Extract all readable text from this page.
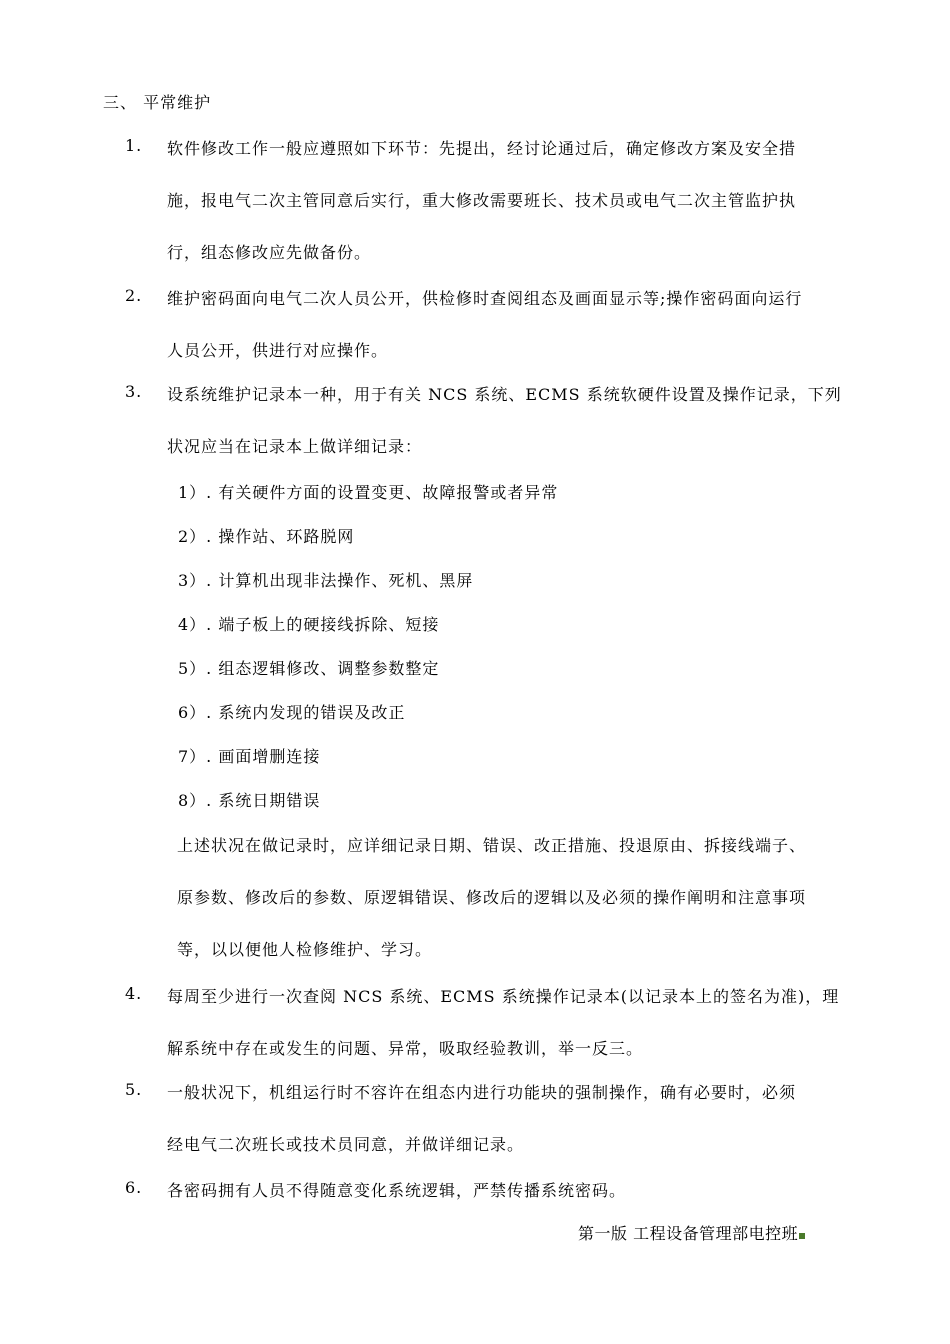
三、 平常维护
1. 软件修改工作一般应遵照如下环节：先提出，经讨论通过后，确定修改方案及安全措
施，报电气二次主管同意后实行，重大修改需要班长、技术员或电气二次主管监护执
行，组态修改应先做备份。
2. 维护密码面向电气二次人员公开，供检修时查阅组态及画面显示等;操作密码面向运行
人员公开，供进行对应操作。
3. 设系统维护记录本一种，用于有关 NCS 系统、ECMS 系统软硬件设置及操作记录，下列
状况应当在记录本上做详细记录：
1）. 有关硬件方面的设置变更、故障报警或者异常
2）. 操作站、环路脱网
3）. 计算机出现非法操作、死机、黑屏
4）. 端子板上的硬接线拆除、短接
5）. 组态逻辑修改、调整参数整定
6）. 系统内发现的错误及改正
7）. 画面增删连接
8）. 系统日期错误
上述状况在做记录时，应详细记录日期、错误、改正措施、投退原由、拆接线端子、
原参数、修改后的参数、原逻辑错误、修改后的逻辑以及必须的操作阐明和注意事项
等，以以便他人检修维护、学习。
4. 每周至少进行一次查阅 NCS 系统、ECMS 系统操作记录本(以记录本上的签名为准)，理
解系统中存在或发生的问题、异常，吸取经验教训，举一反三。
5. 一般状况下，机组运行时不容许在组态内进行功能块的强制操作，确有必要时，必须
经电气二次班长或技术员同意，并做详细记录。
6. 各密码拥有人员不得随意变化系统逻辑，严禁传播系统密码。
第一版 工程设备管理部电控班
